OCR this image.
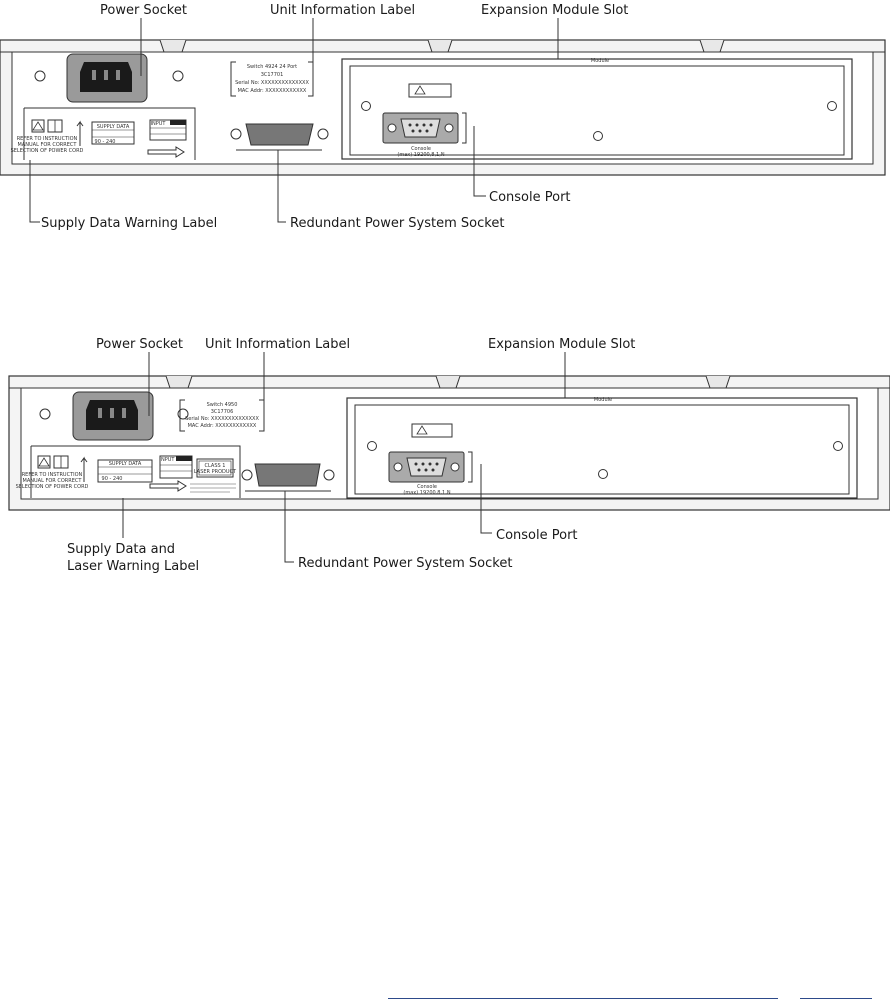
Power Socket	Unit Information Label	Expansion Module Slot
Switch 4924 24 Port
3C17701
Serial No: XXXXXXXXXXXXXX
MAC Addr: XXXXXXXXXXXX
REFER TO INSTRUCTION
MANUAL FOR CORRECT
SELECTION OF POWER CORD
SUPPLY DATA
90 - 240
INPUT
Supply Data Warning Label	Redundant Power System Socket
Module
Console
(max) 19200,8,1,N
Console Port
Power Socket Unit Information Label	Expansion Module Slot
Switch 4950
3C17706
Serial No: XXXXXXXXXXXXXX
MAC Addr: XXXXXXXXXXXX
REFER TO INSTRUCTION
MANUAL FOR CORRECT
SELECTION OF POWER CORD
SUPPLY DATA
90 - 240
INPUT
CLASS 1
LASER PRODUCT
Supply Data and
Laser Warning Label	Redundant Power System Socket
Module
Console
(max) 19200,8,1,N
Console Port
